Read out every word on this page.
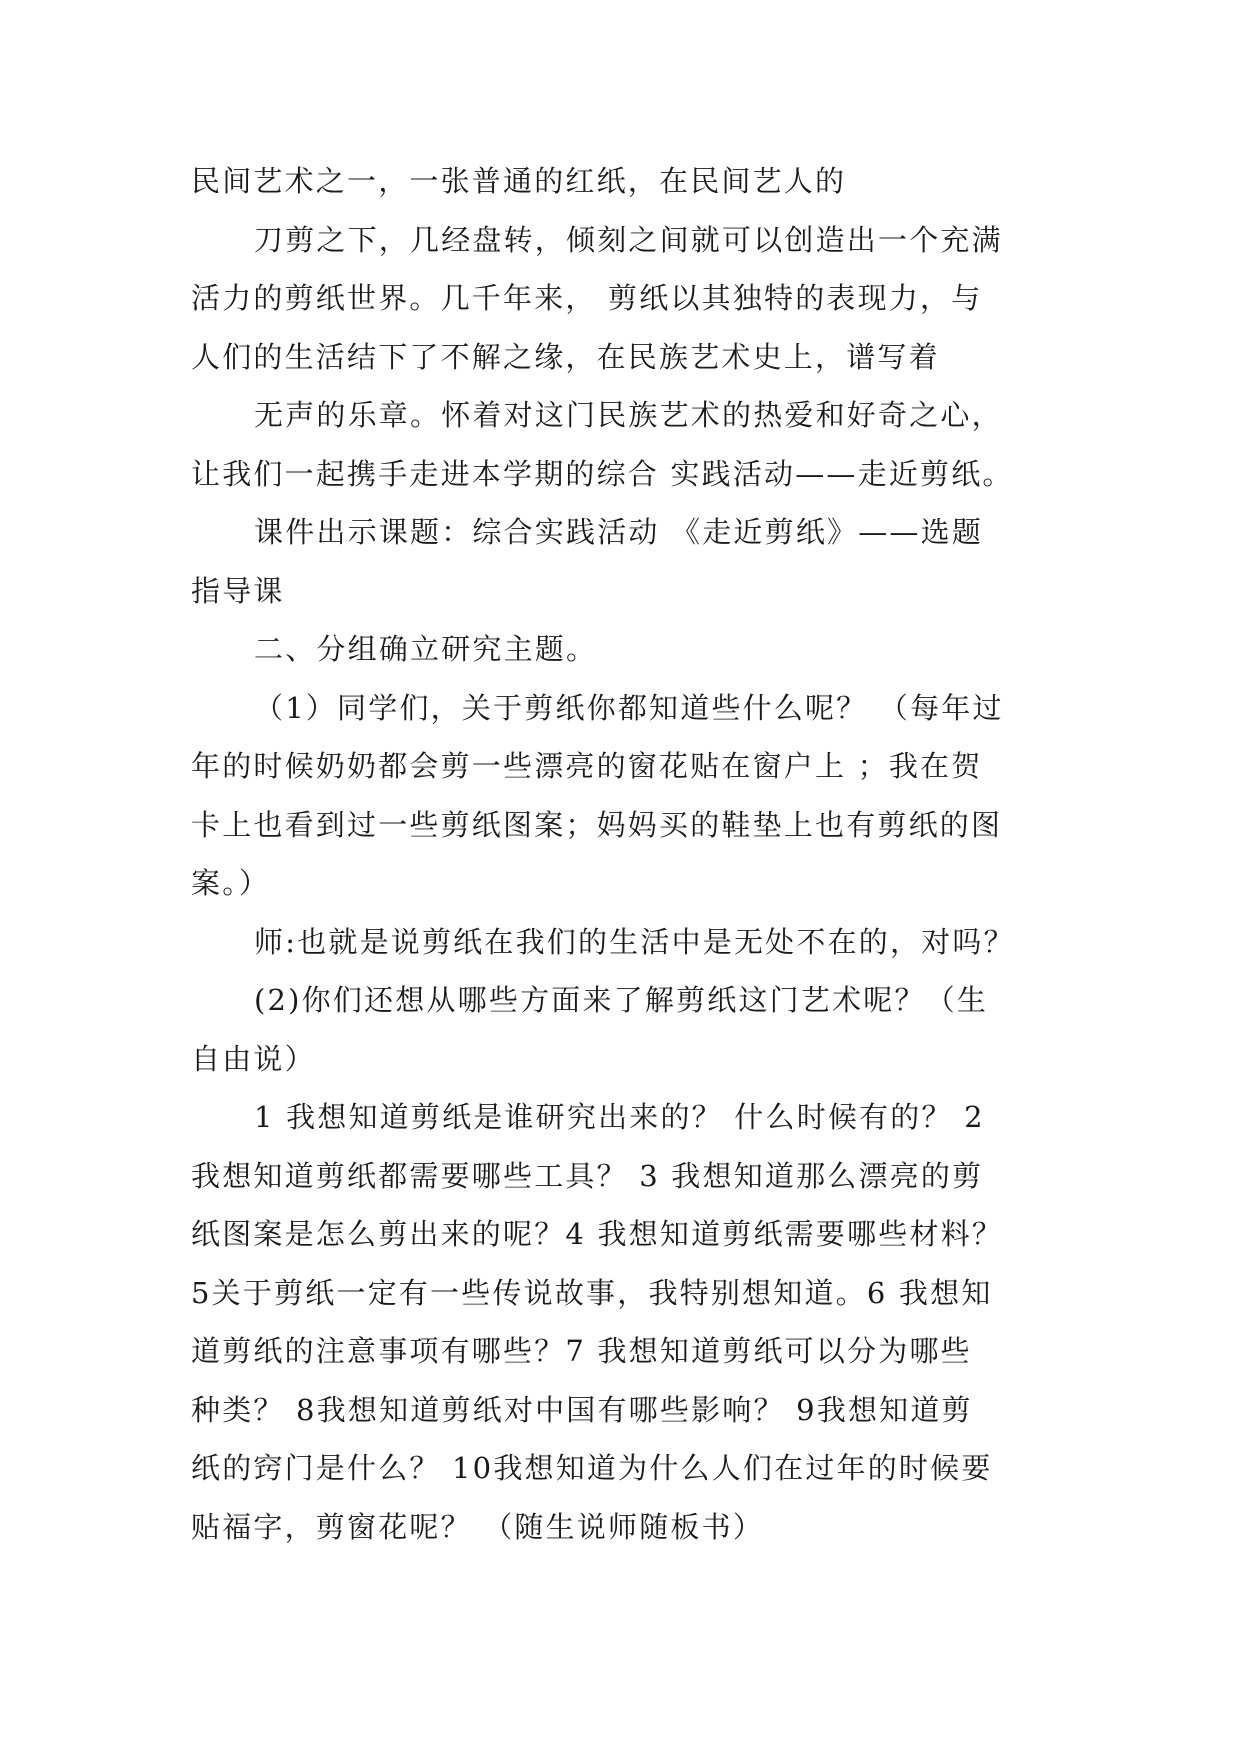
民间艺术之一，一张普通的红纸，在民间艺人的
刀剪之下，几经盘转，倾刻之间就可以创造出一个充满
活力的剪纸世界。几千年来， 剪纸以其独特的表现力，与
人们的生活结下了不解之缘，在民族艺术史上，谱写着
无声的乐章。怀着对这门民族艺术的热爱和好奇之心，
让我们一起携手走进本学期的综合 实践活动——走近剪纸。
课件出示课题：综合实践活动 《走近剪纸》——选题
指导课
二、分组确立研究主题。
（1）同学们，关于剪纸你都知道些什么呢？ （每年过
年的时候奶奶都会剪一些漂亮的窗花贴在窗户上 ；我在贺
卡上也看到过一些剪纸图案；妈妈买的鞋垫上也有剪纸的图
案。）
师:也就是说剪纸在我们的生活中是无处不在的，对吗？
(2)你们还想从哪些方面来了解剪纸这门艺术呢？（生
自由说）
1 我想知道剪纸是谁研究出来的？ 什么时候有的？ 2
我想知道剪纸都需要哪些工具？ 3 我想知道那么漂亮的剪
纸图案是怎么剪出来的呢？4 我想知道剪纸需要哪些材料？
5关于剪纸一定有一些传说故事，我特别想知道。6 我想知
道剪纸的注意事项有哪些？7 我想知道剪纸可以分为哪些
种类？ 8我想知道剪纸对中国有哪些影响？ 9我想知道剪
纸的窍门是什么？ 10我想知道为什么人们在过年的时候要
贴福字，剪窗花呢？ （随生说师随板书）
